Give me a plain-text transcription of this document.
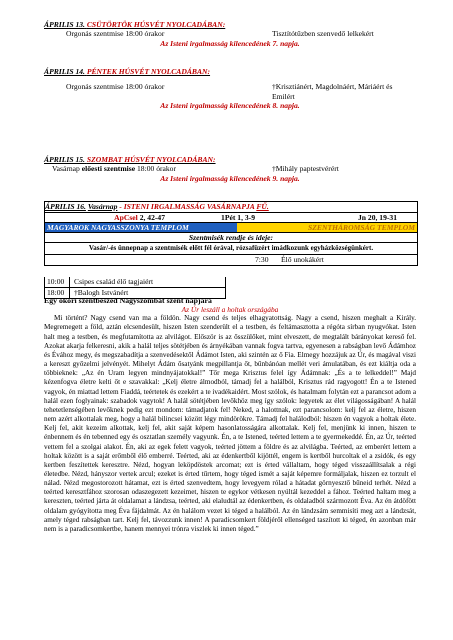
ÁPRILIS 13. CSÜTÖRTÖK HÚSVÉT NYOLCADÁBAN:
Orgonás szentmise 18:00 órakor	Tisztítótűzben szenvedő lelkekért
Az Isteni irgalmasság kilencedének 7. napja.
ÁPRILIS 14. PÉNTEK HÚSVÉT NYOLCADÁBAN:
Orgonás szentmise 18:00 órakor	†Krisztiánért, Magdolnáért, Máriáért és Emilért
Az Isteni irgalmasság kilencedének 8. napja.
ÁPRILIS 15. SZOMBAT HÚSVÉT NYOLCADÁBAN:
Vasárnap előesti szentmise 18:00 órakor	†Mihály paptestvérért
Az Isteni irgalmasság kilencedének 9. napja.
ÁPRILIS 16. Vasárnap - ISTENI IRGALMASSÁG VASÁRNAPJA FŰ.
ApCsel 2, 42-47	1Pét 1, 3-9	Jn 20, 19-31
MAGYAROK NAGYASSZONYA TEMPLOM	SZENTHÁROMSÁG TEMPLOM
Szentmisék rendje és ideje:
Vasár/-és ünnepnap a szentmisék előtt fél órával, rózsafüzért imádkozunk egyházközségünkért.
7:30 Élő unokákért
10:00	Csipes család élő tagjaiért
18:00	†Balogh Istvánért
Egy ókori szentbeszéd Nagyszombat szent napjára
Az Úr leszáll a holtak országába
Mi történt? Nagy csend van ma a földön. Nagy csend és teljes elhagyatottság. Nagy a csend, hiszen meghalt a Király. Megremegett a föld, aztán elcsendesült, hiszen Isten szenderült el a testben, és feltámasztotta a régóta sírban nyugvókat. Isten halt meg a testben, és megfutamította az alvilágot. Először is az ősszülőket, mint elveszett, de megtalált bárányokat kereső fel. Azokat akarja felkeresni, akik a halál teljes sötétjében és árnyékában vannak fogva tartva, egyenesen a rabságban levő Ádámhoz és Évához megy, és megszabadítja a szenvedésektől Ádámot Isten, aki szintén az ő Fia. Elmegy hozzájuk az Úr, és magával viszi a kereszt győzelmi jelvényét. Mihelyt Ádám ősatyánk megpillantja őt, bűnbánóan mellét veri ámulatában, és ezt kiáltja oda a többieknek: „Az én Uram legyen mindnyájatokkal!” Tőr mega Krisztus felel így Ádámnak: „És a te lelkeddel!” Majd kézenfogva életre kelti őt e szavakkal: „Kelj életre álmodból, támadj fel a halálból, Krisztus rád ragyogott! Én a te Istened vagyok, én miattad lettem Fiaddá, teértetek és ezekért a te ivadékaidért. Most szólok, és hatalmam folytán ezt a parancsot adom a halál ezen foglyainak: szabadok vagytok! A halál sötétjében levőkhöz meg így szólok: legyetek az élet világosságában! A halál tehetetlenségében levőknek pedig ezt mondom: támadjatok fel! Neked, a halottnak, ezt parancsolom: kelj fel az életre, hiszen nem azért alkottalak meg, hogy a halál bilincsei között légy mindörökre. Támadj fel halálodból: hiszen én vagyok a holtak élete. Kelj fel, akit kezeim alkottak, kelj fel, akit saját képem hasonlatosságára alkottalak. Kelj fel, menjünk ki innen, hiszen te énbennem és én tebenned egy és osztatlan személy vagyunk. Én, a te Istened, teérted lettem a te gyermekeddé. Én, az Úr, teérted vettem fel a szolgai alakot. Én, aki az egek felett vagyok, teérted jöttem a földre és az alvilágba. Teérted, az emberért lettem a holtak között is a saját erőmből élő emberré. Teérted, aki az édenkertből kijöttél, engem is kertből hurcoltak el a zsidók, és egy kertben feszítettek keresztre. Nézd, hogyan leköpdöstek arcomat; ezt is érted vállaltam, hogy téged visszaállítsalak a régi életedbe. Nézd, hányszor vertek arcul; ezeket is érted tűrtem, hogy téged ismét a saját képemre formáljalak, hiszen ez torzult el nálad. Nézd megostorozott hátamat, ezt is érted szenvedtem, hogy levegyem rólad a hátadat görnyesztő bűneid terhét. Nézd a teérted keresztfához szorosan odaszegezett kezeimet, hiszen te egykor vétkesen nyúltál kezeddel a fához. Teérted haltam meg a kereszten, teérted járta át oldalamat a lándzsa, teérted, aki elaludtál az édenkertben, és oldaladból szármozott Éva. Az én átdöfött oldalam gyógyította meg Éva fájdalmát. Az én halálom vezet ki téged a halálból. Az én lándzsám semmisíti meg azt a lándzsát, amely téged rabságban tart. Kelj fel, távozzunk innen! A paradicsomkert földjéről ellenséged taszított ki téged, én azonban már nem is a paradicsomkertbe, hanem mennyei trónra viszlek ki innen téged.”
